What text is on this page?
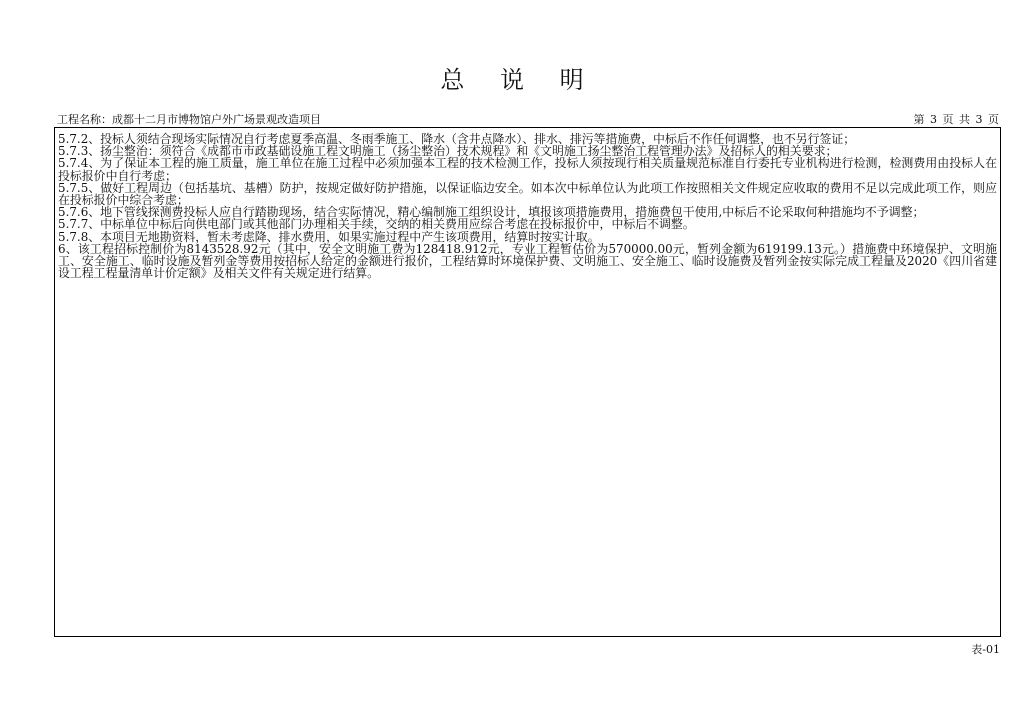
总 说 明
工程名称：成都十二月市博物馆户外广场景观改造项目	第 3 页 共 3 页

5.7.2、投标人须结合现场实际情况自行考虑夏季高温、冬雨季施工、降水（含井点降水）、排水、排污等措施费，中标后不作任何调整，也不另行签证；

5.7.3、扬尘整治：须符合《成都市市政基础设施工程文明施工（扬尘整治）技术规程》和《文明施工扬尘整治工程管理办法》及招标人的相关要求；

5.7.4、为了保证本工程的施工质量，施工单位在施工过程中必须加强本工程的技术检测工作，投标人须按现行相关质量规范标准自行委托专业机构进行检测，检测费用由投标人在投标报价中自行考虑；

5.7.5、做好工程周边（包括基坑、基槽）防护，按规定做好防护措施，以保证临边安全。如本次中标单位认为此项工作按照相关文件规定应收取的费用不足以完成此项工作，则应在投标报价中综合考虑；

5.7.6、地下管线探测费投标人应自行踏勘现场，结合实际情况，精心编制施工组织设计，填报该项措施费用，措施费包干使用,中标后不论采取何种措施均不予调整；

5.7.7、中标单位中标后向供电部门或其他部门办理相关手续，交纳的相关费用应综合考虑在投标报价中，中标后不调整。

5.7.8、本项目无地勘资料，暂未考虑降、排水费用，如果实施过程中产生该项费用，结算时按实计取。

6、该工程招标控制价为8143528.92元（其中，安全文明施工费为128418.912元，专业工程暂估价为570000.00元，暂列金额为619199.13元。）措施费中环境保护、文明施工、安全施工、临时设施及暂列金等费用按招标人给定的金额进行报价，工程结算时环境保护费、文明施工、安全施工、临时设施费及暂列金按实际完成工程量及2020《四川省建设工程工程量清单计价定额》及相关文件有关规定进行结算。

表-01
